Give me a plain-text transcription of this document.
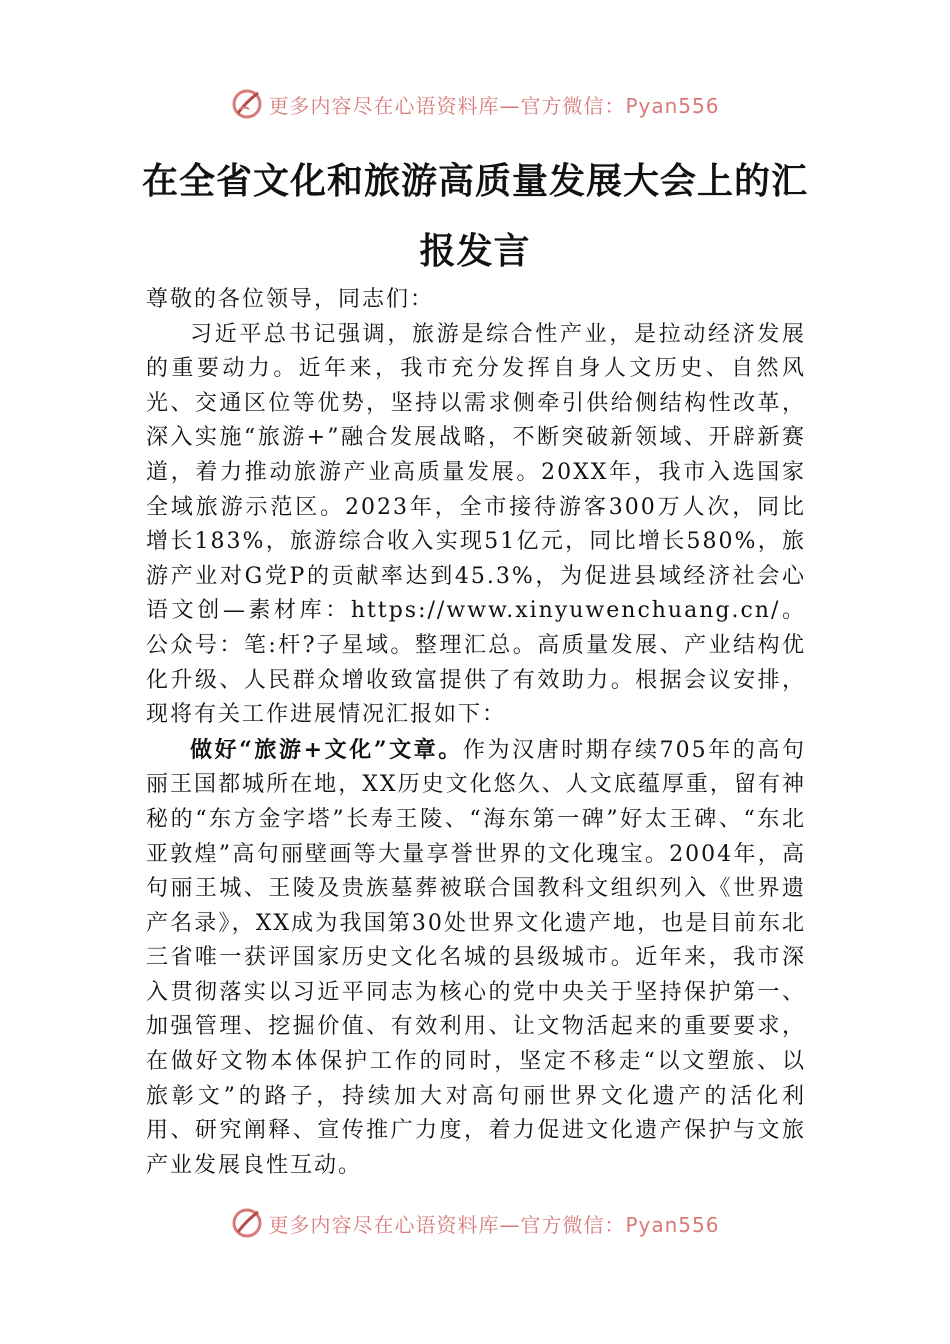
更多内容尽在心语资料库—官方微信：Pyan556
在全省文化和旅游高质量发展大会上的汇报发言

尊敬的各位领导，同志们：

习近平总书记强调，旅游是综合性产业，是拉动经济发展的重要动力。近年来，我市充分发挥自身人文历史、自然风光、交通区位等优势，坚持以需求侧牵引供给侧结构性改革，深入实施“旅游+”融合发展战略，不断突破新领域、开辟新赛道，着力推动旅游产业高质量发展。20XX年，我市入选国家全域旅游示范区。2023年，全市接待游客300万人次，同比增长183%，旅游综合收入实现51亿元，同比增长580%，旅游产业对G党P的贡献率达到45.3%，为促进县域经济社会心语文创—素材库：https://www.xinyuwenchuang.cn/。公众号：笔:杆?子星域。整理汇总。高质量发展、产业结构优化升级、人民群众增收致富提供了有效助力。根据会议安排，现将有关工作进展情况汇报如下：

做好“旅游+文化”文章。作为汉唐时期存续705年的高句丽王国都城所在地，XX历史文化悠久、人文底蕴厚重，留有神秘的“东方金字塔”长寿王陵、“海东第一碑”好太王碑、“东北亚敦煌”高句丽壁画等大量享誉世界的文化瑰宝。2004年，高句丽王城、王陵及贵族墓葬被联合国教科文组织列入《世界遗产名录》，XX成为我国第30处世界文化遗产地，也是目前东北三省唯一获评国家历史文化名城的县级城市。近年来，我市深入贯彻落实以习近平同志为核心的党中央关于坚持保护第一、加强管理、挖掘价值、有效利用、让文物活起来的重要要求，在做好文物本体保护工作的同时，坚定不移走“以文塑旅、以旅彰文”的路子，持续加大对高句丽世界文化遗产的活化利用、研究阐释、宣传推广力度，着力促进文化遗产保护与文旅产业发展良性互动。

更多内容尽在心语资料库—官方微信：Pyan556
